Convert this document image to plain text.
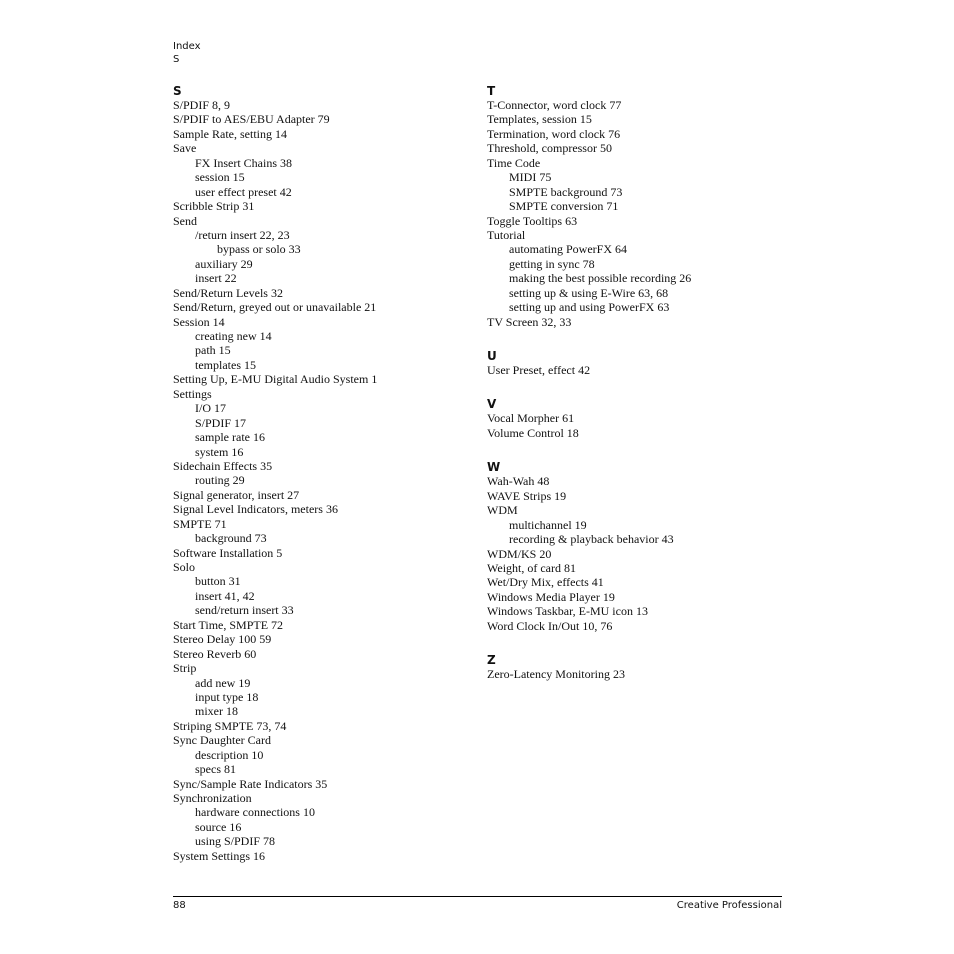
Index
S
S
S/PDIF 8, 9
S/PDIF to AES/EBU Adapter 79
Sample Rate, setting 14
Save
FX Insert Chains 38
session 15
user effect preset 42
Scribble Strip 31
Send
/return insert 22, 23
bypass or solo 33
auxiliary 29
insert 22
Send/Return Levels 32
Send/Return, greyed out or unavailable 21
Session 14
creating new 14
path 15
templates 15
Setting Up, E-MU Digital Audio System 1
Settings
I/O 17
S/PDIF 17
sample rate 16
system 16
Sidechain Effects 35
routing 29
Signal generator, insert 27
Signal Level Indicators, meters 36
SMPTE 71
background 73
Software Installation 5
Solo
button 31
insert 41, 42
send/return insert 33
Start Time, SMPTE 72
Stereo Delay 100 59
Stereo Reverb 60
Strip
add new 19
input type 18
mixer 18
Striping SMPTE 73, 74
Sync Daughter Card
description 10
specs 81
Sync/Sample Rate Indicators 35
Synchronization
hardware connections 10
source 16
using S/PDIF 78
System Settings 16
T
T-Connector, word clock 77
Templates, session 15
Termination, word clock 76
Threshold, compressor 50
Time Code
MIDI 75
SMPTE background 73
SMPTE conversion 71
Toggle Tooltips 63
Tutorial
automating PowerFX 64
getting in sync 78
making the best possible recording 26
setting up & using E-Wire 63, 68
setting up and using PowerFX 63
TV Screen 32, 33
U
User Preset, effect 42
V
Vocal Morpher 61
Volume Control 18
W
Wah-Wah 48
WAVE Strips 19
WDM
multichannel 19
recording & playback behavior 43
WDM/KS 20
Weight, of card 81
Wet/Dry Mix, effects 41
Windows Media Player 19
Windows Taskbar, E-MU icon 13
Word Clock In/Out 10, 76
Z
Zero-Latency Monitoring 23
88	Creative Professional
